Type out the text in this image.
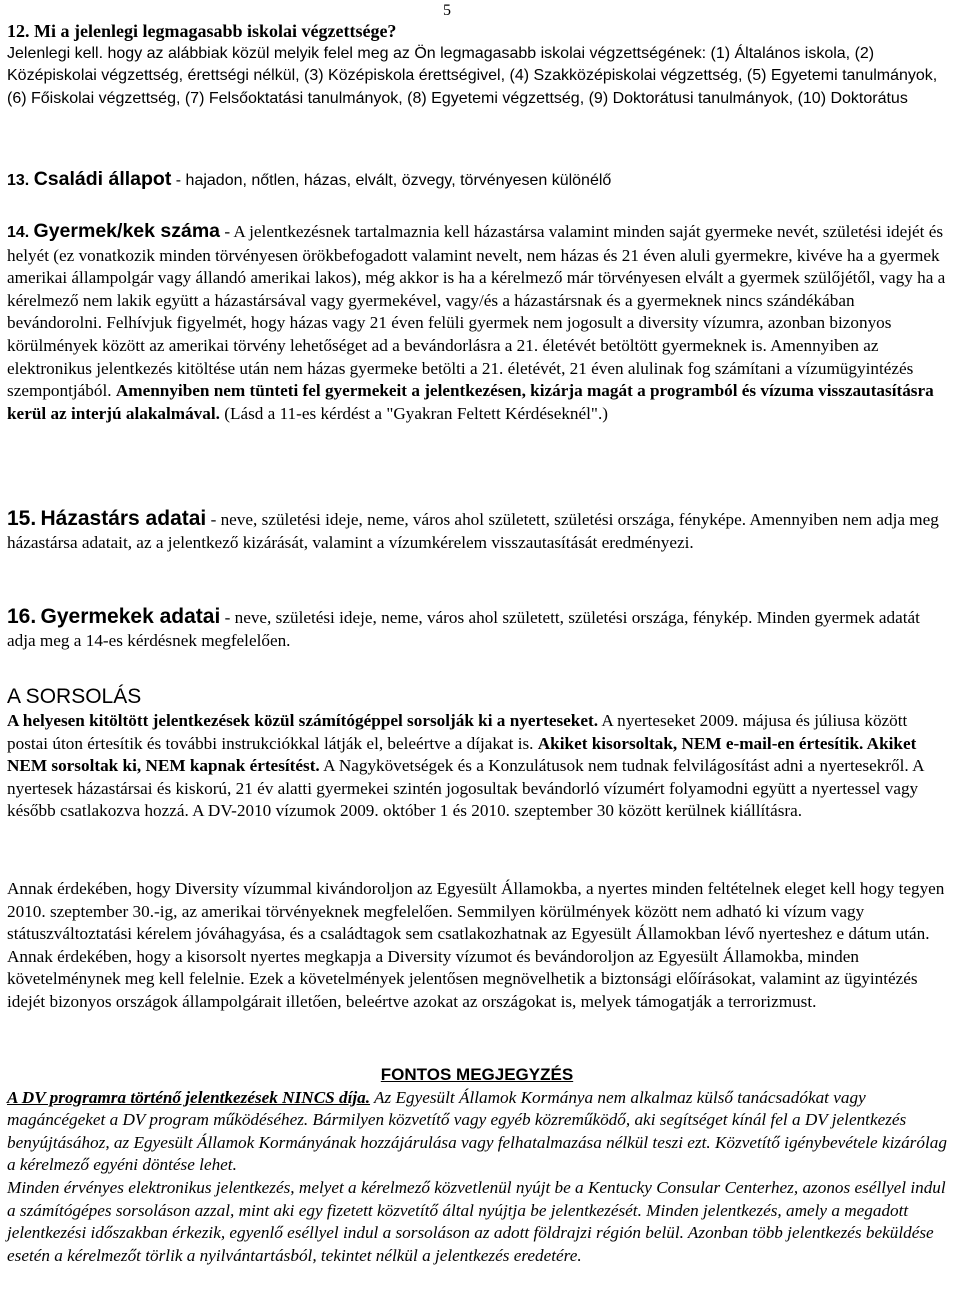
5

12. Mi a jelenlegi legmagasabb iskolai végzettsége?

Jelenlegi kell. hogy az alábbiak közül melyik felel meg az Ön legmagasabb iskolai végzettségének: (1) Általános iskola, (2) Középiskolai végzettség, érettségi nélkül, (3) Középiskola érettségivel, (4) Szakközépiskolai végzettség, (5) Egyetemi tanulmányok, (6) Főiskolai végzettség, (7) Felsőoktatási tanulmányok, (8) Egyetemi végzettség, (9) Doktorátusi tanulmányok, (10) Doktorátus

13. Családi állapot - hajadon, nőtlen, házas, elvált, özvegy, törvényesen különélő

14. Gyermek/kek száma - A jelentkezésnek tartalmaznia kell házastársa valamint minden saját gyermeke nevét, születési idejét és helyét (ez vonatkozik minden törvényesen örökbefogadott valamint nevelt, nem házas és 21 éven aluli gyermekre, kivéve ha a gyermek amerikai állampolgár vagy állandó amerikai lakos), még akkor is ha a kérelmező már törvényesen elvált a gyermek szülőjétől, vagy ha a kérelmező nem lakik együtt a házastársával vagy gyermekével, vagy/és a házastársnak és a gyermeknek nincs szándékában bevándorolni. Felhívjuk figyelmét, hogy házas vagy 21 éven felüli gyermek nem jogosult a diversity vízumra, azonban bizonyos körülmények között az amerikai törvény lehetőséget ad a bevándorlásra a 21. életévét betöltött gyermeknek is. Amennyiben az elektronikus jelentkezés kitöltése után nem házas gyermeke betölti a 21. életévét, 21 éven alulinak fog számítani a vízumügyintézés szempontjából. Amennyiben nem tünteti fel gyermekeit a jelentkezésen, kizárja magát a programból és vízuma visszautasításra kerül az interjú alakalmával. (Lásd a 11-es kérdést a "Gyakran Feltett Kérdéseknél".)

15. Házastárs adatai - neve, születési ideje, neme, város ahol született, születési országa, fényképe. Amennyiben nem adja meg házastársa adatait, az a jelentkező kizárását, valamint a vízumkérelem visszautasítását eredményezi.

16. Gyermekek adatai - neve, születési ideje, neme, város ahol született, születési országa, fénykép. Minden gyermek adatát adja meg a 14-es kérdésnek megfelelően.

A SORSOLÁS

A helyesen kitöltött jelentkezések közül számítógéppel sorsolják ki a nyerteseket. A nyerteseket 2009. májusa és júliusa között postai úton értesítik és további instrukciókkal látják el, beleértve a díjakat is. Akiket kisorsoltak, NEM e-mail-en értesítik. Akiket NEM sorsoltak ki, NEM kapnak értesítést. A Nagykövetségek és a Konzulátusok nem tudnak felvilágosítást adni a nyertesekről. A nyertesek házastársai és kiskorú, 21 év alatti gyermekei szintén jogosultak bevándorló vízumért folyamodni együtt a nyertessel vagy később csatlakozva hozzá. A DV-2010 vízumok 2009. október 1 és 2010. szeptember 30 között kerülnek kiállításra.

Annak érdekében, hogy Diversity vízummal kivándoroljon az Egyesült Államokba, a nyertes minden feltételnek eleget kell hogy tegyen 2010. szeptember 30.-ig, az amerikai törvényeknek megfelelően. Semmilyen körülmények között nem adható ki vízum vagy státuszváltoztatási kérelem jóváhagyása, és a családtagok sem csatlakozhatnak az Egyesült Államokban lévő nyerteshez e dátum után. Annak érdekében, hogy a kisorsolt nyertes megkapja a Diversity vízumot és bevándoroljon az Egyesült Államokba, minden követelménynek meg kell felelnie. Ezek a követelmények jelentősen megnövelhetik a biztonsági előírásokat, valamint az ügyintézés idejét bizonyos országok állampolgárait illetően, beleértve azokat az országokat is, melyek támogatják a terrorizmust.

FONTOS MEGJEGYZÉS

A DV programra történő jelentkezések NINCS díja. Az Egyesült Államok Kormánya nem alkalmaz külső tanácsadókat vagy magáncégeket a DV program működéséhez. Bármilyen közvetítő vagy egyéb közreműködő, aki segítséget kínál fel a DV jelentkezés benyújtásához, az Egyesült Államok Kormányának hozzájárulása vagy felhatalmazása nélkül teszi ezt. Közvetítő igénybevétele kizárólag a kérelmező egyéni döntése lehet.

Minden érvényes elektronikus jelentkezés, melyet a kérelmező közvetlenül nyújt be a Kentucky Consular Centerhez, azonos eséllyel indul a számítógépes sorsoláson azzal, mint aki egy fizetett közvetítő által nyújtja be jelentkezését. Minden jelentkezés, amely a megadott jelentkezési időszakban érkezik, egyenlő eséllyel indul a sorsoláson az adott földrajzi régión belül. Azonban több jelentkezés beküldése esetén a kérelmezőt törlik a nyilvántartásból, tekintet nélkül a jelentkezés eredetére.
